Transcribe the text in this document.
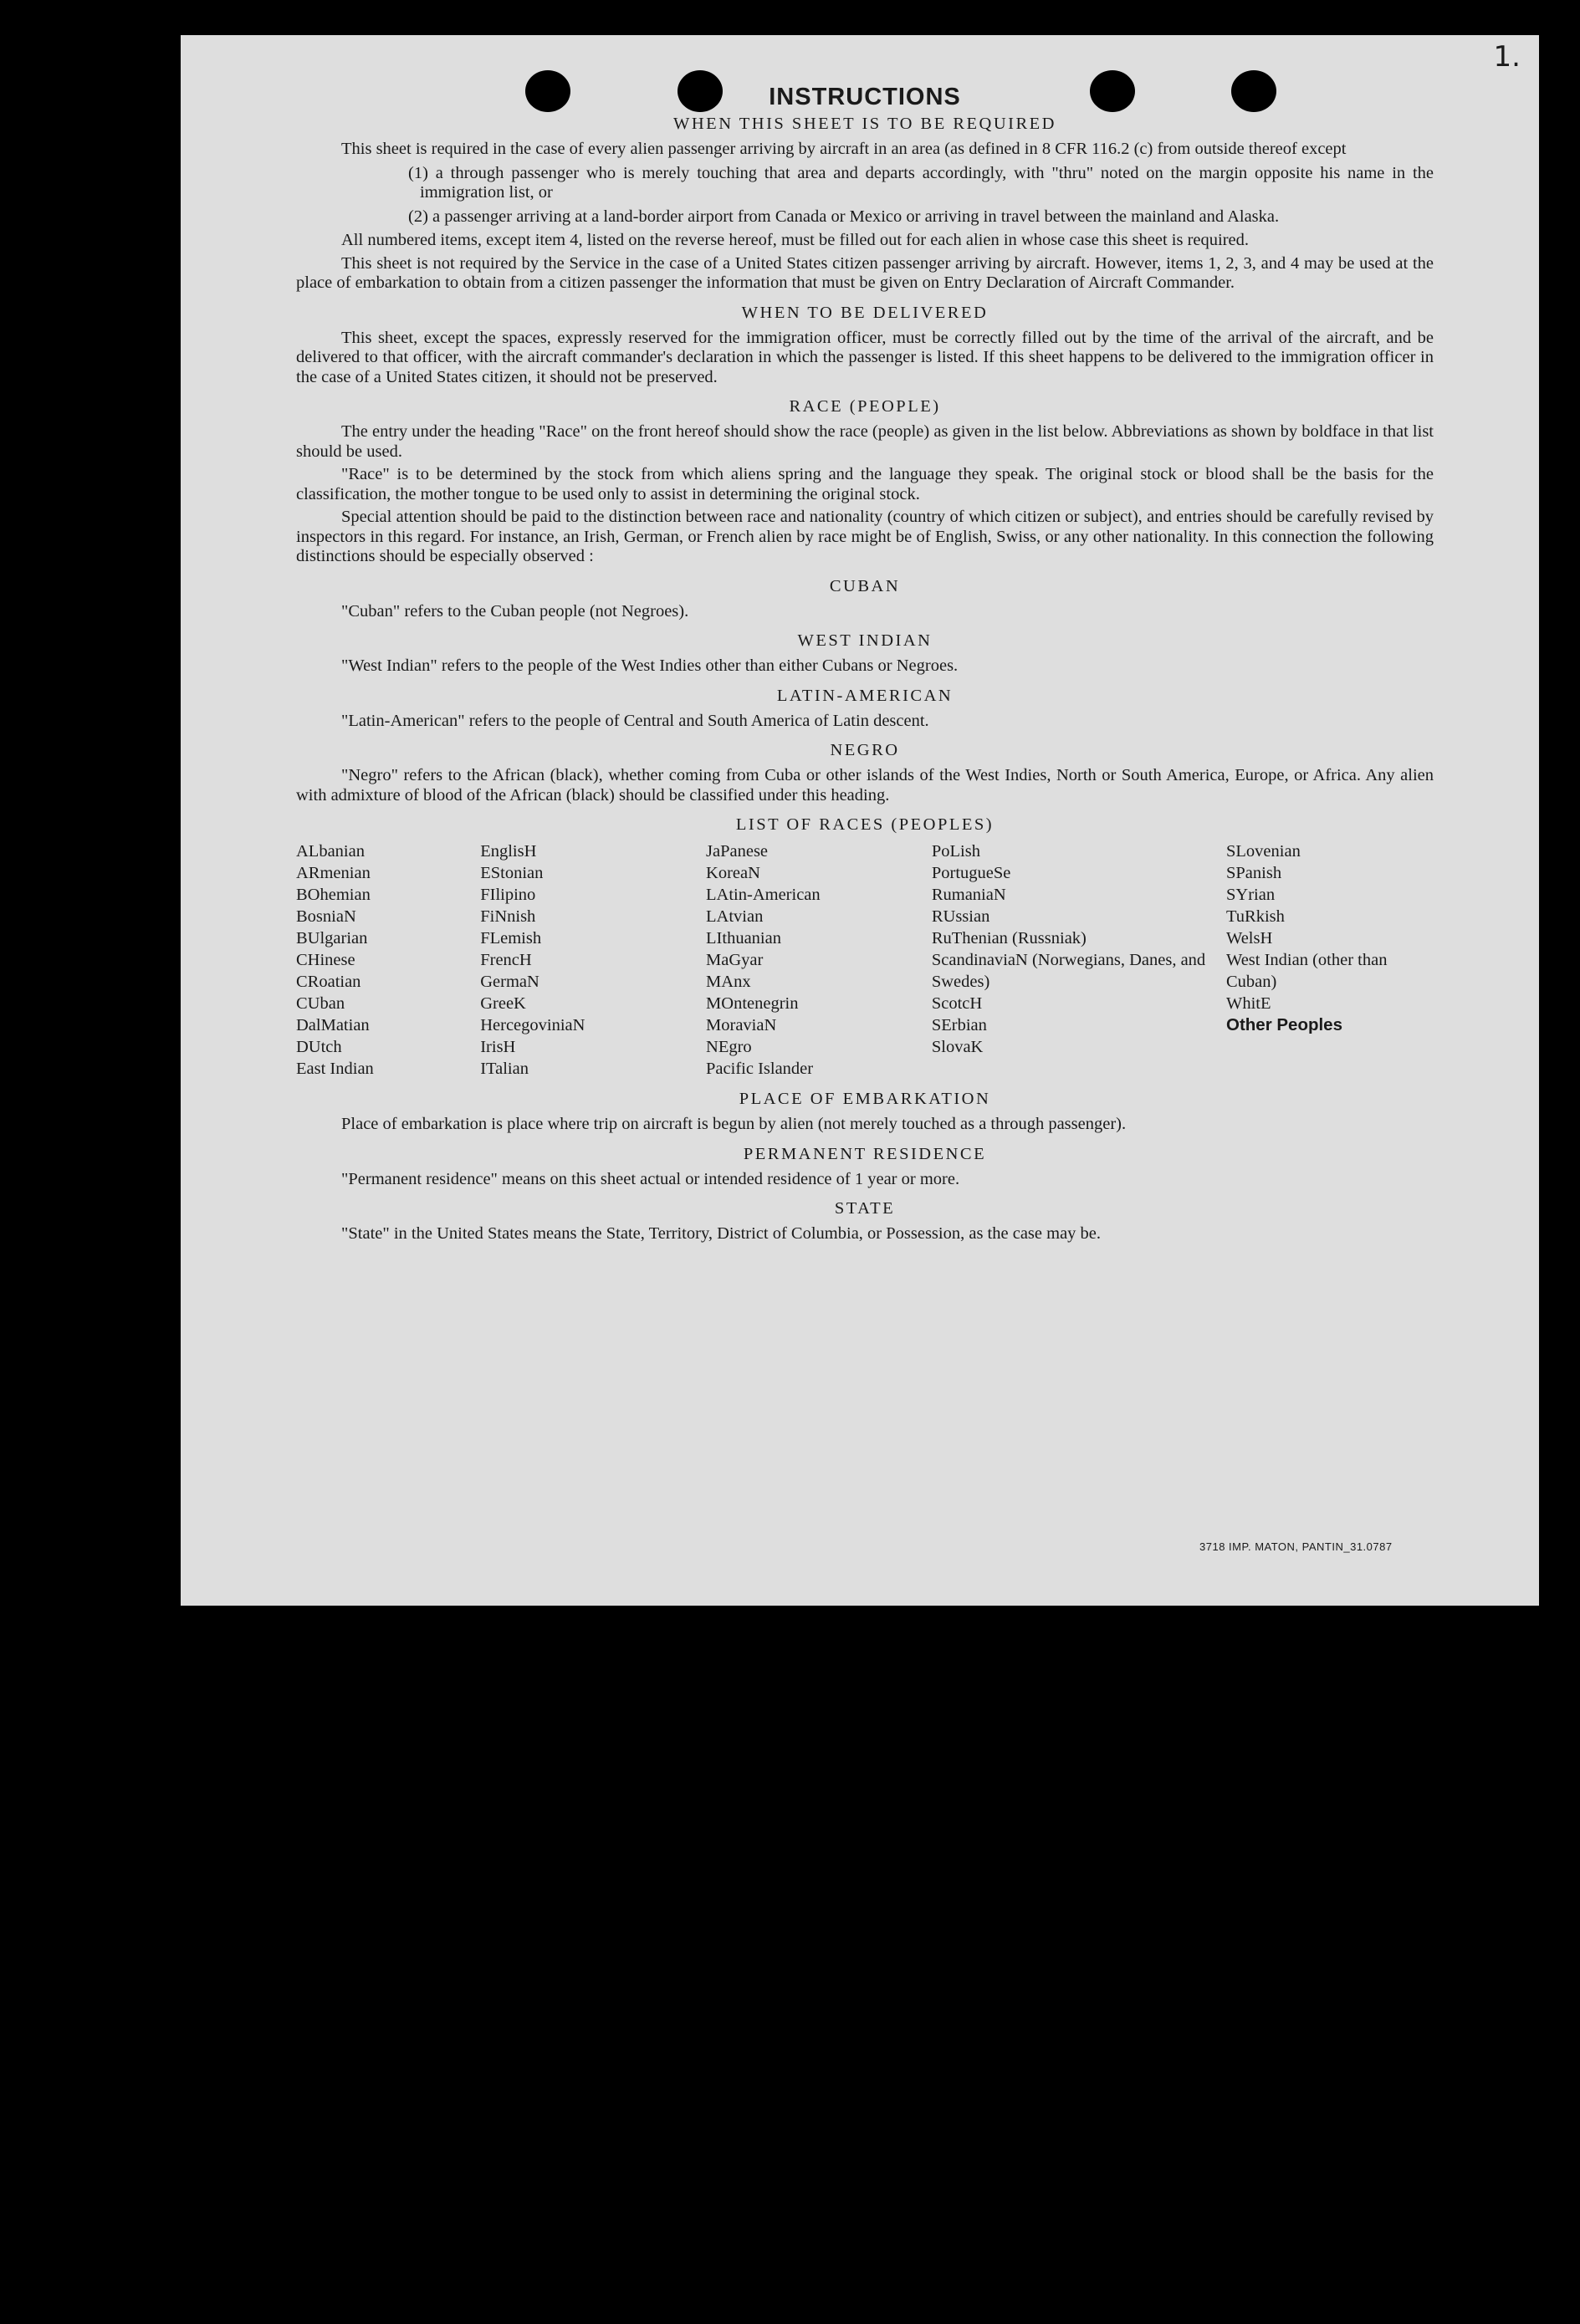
1.
INSTRUCTIONS
WHEN THIS SHEET IS TO BE REQUIRED

This sheet is required in the case of every alien passenger arriving by aircraft in an area (as defined in 8 CFR 116.2 (c) from outside thereof except

(1) a through passenger who is merely touching that area and departs accordingly, with "thru" noted on the margin opposite his name in the immigration list, or
(2) a passenger arriving at a land-border airport from Canada or Mexico or arriving in travel between the mainland and Alaska.

All numbered items, except item 4, listed on the reverse hereof, must be filled out for each alien in whose case this sheet is required.

This sheet is not required by the Service in the case of a United States citizen passenger arriving by aircraft. However, items 1, 2, 3, and 4 may be used at the place of embarkation to obtain from a citizen passenger the information that must be given on Entry Declaration of Aircraft Commander.

WHEN TO BE DELIVERED

This sheet, except the spaces, expressly reserved for the immigration officer, must be correctly filled out by the time of the arrival of the aircraft, and be delivered to that officer, with the aircraft commander's declaration in which the passenger is listed. If this sheet happens to be delivered to the immigration officer in the case of a United States citizen, it should not be preserved.

RACE (PEOPLE)

The entry under the heading "Race" on the front hereof should show the race (people) as given in the list below. Abbreviations as shown by boldface in that list should be used.

"Race" is to be determined by the stock from which aliens spring and the language they speak. The original stock or blood shall be the basis for the classification, the mother tongue to be used only to assist in determining the original stock.

Special attention should be paid to the distinction between race and nationality (country of which citizen or subject), and entries should be carefully revised by inspectors in this regard. For instance, an Irish, German, or French alien by race might be of English, Swiss, or any other nationality. In this connection the following distinctions should be especially observed :

CUBAN

"Cuban" refers to the Cuban people (not Negroes).

WEST INDIAN

"West Indian" refers to the people of the West Indies other than either Cubans or Negroes.

LATIN-AMERICAN

"Latin-American" refers to the people of Central and South America of Latin descent.

NEGRO

"Negro" refers to the African (black), whether coming from Cuba or other islands of the West Indies, North or South America, Europe, or Africa. Any alien with admixture of blood of the African (black) should be classified under this heading.

LIST OF RACES (PEOPLES)
ALbanian
ARmenian
BOhemian
BosniaN
BUlgarian
CHinese
CRoatian
CUban
DalMatian
DUtch
East Indian
EnglisH
EStonian
FIlipino
FiNnish
FLemish
FrencH
GermaN
GreeK
HercegoviniaN
IrisH
ITalian
JaPanese
KoreaN
LAtin-American
LAtvian
LIthuanian
MaGyar
MAnx
MOntenegrin
MoraviaN
NEgro
Pacific Islander
PoLish
PortugueSe
RumaniaN
RUssian
RuThenian (Russniak)
ScandinaviaN (Norwegians, Danes, and Swedes)
ScotcH
SErbian
SlovaK
SLovenian
SPanish
SYrian
TuRkish
WelsH
West Indian (other than Cuban)
WhitE
Other Peoples
PLACE OF EMBARKATION

Place of embarkation is place where trip on aircraft is begun by alien (not merely touched as a through passenger).

PERMANENT RESIDENCE

"Permanent residence" means on this sheet actual or intended residence of 1 year or more.

STATE

"State" in the United States means the State, Territory, District of Columbia, or Possession, as the case may be.

3718 IMP. MATON, PANTIN_31.0787
